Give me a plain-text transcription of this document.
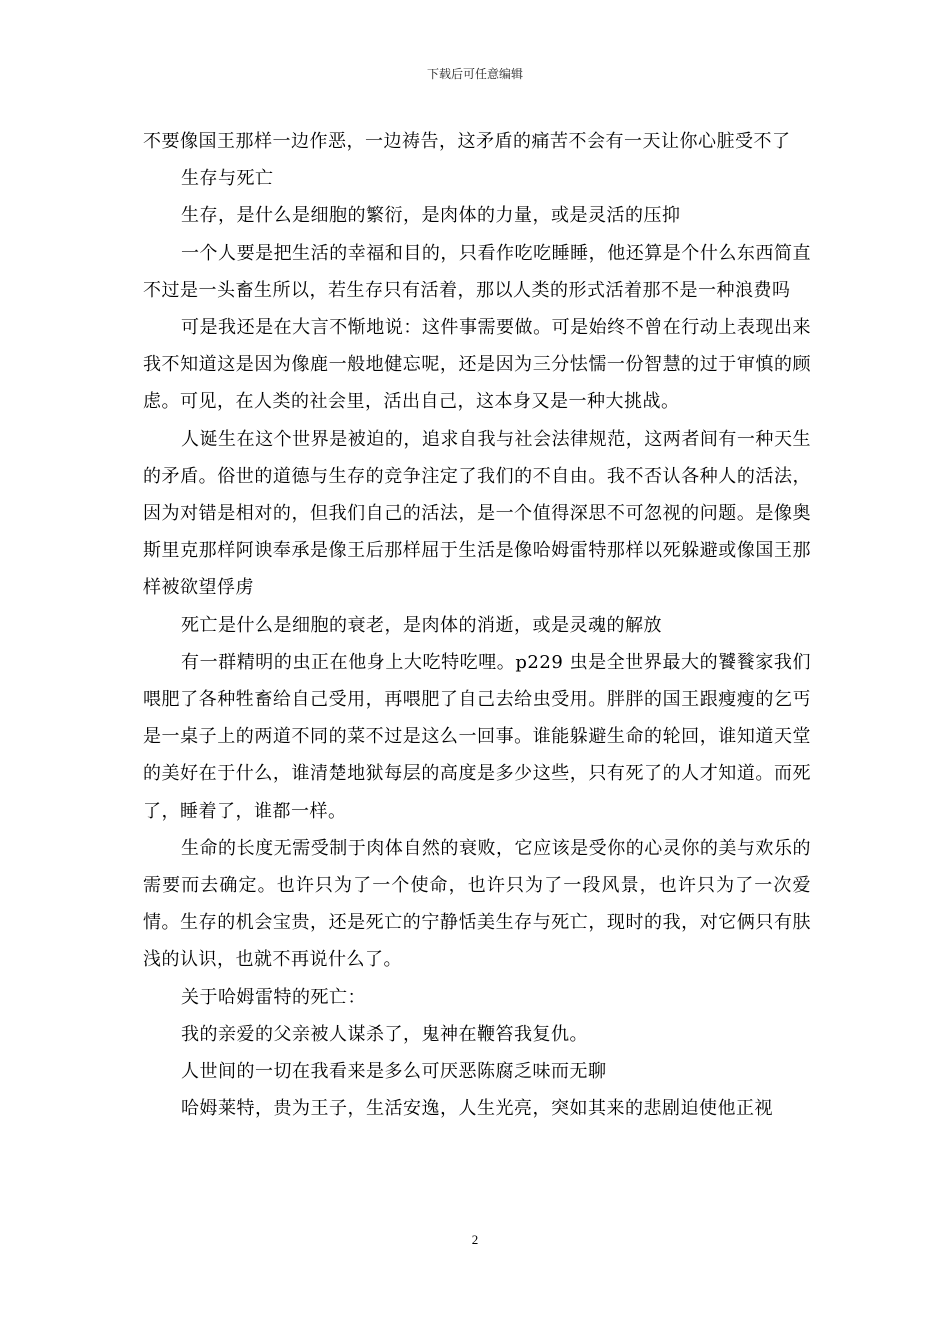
下载后可任意编辑

不要像国王那样一边作恶，一边祷告，这矛盾的痛苦不会有一天让你心脏受不了

生存与死亡

生存，是什么是细胞的繁衍，是肉体的力量，或是灵活的压抑

一个人要是把生活的幸福和目的，只看作吃吃睡睡，他还算是个什么东西简直不过是一头畜生所以，若生存只有活着，那以人类的形式活着那不是一种浪费吗

可是我还是在大言不惭地说：这件事需要做。可是始终不曾在行动上表现出来我不知道这是因为像鹿一般地健忘呢，还是因为三分怯懦一份智慧的过于审慎的顾虑。可见，在人类的社会里，活出自己，这本身又是一种大挑战。

人诞生在这个世界是被迫的，追求自我与社会法律规范，这两者间有一种天生的矛盾。俗世的道德与生存的竞争注定了我们的不自由。我不否认各种人的活法，因为对错是相对的，但我们自己的活法，是一个值得深思不可忽视的问题。是像奥斯里克那样阿谀奉承是像王后那样屈于生活是像哈姆雷特那样以死躲避或像国王那样被欲望俘虏

死亡是什么是细胞的衰老，是肉体的消逝，或是灵魂的解放

有一群精明的虫正在他身上大吃特吃哩。p229 虫是全世界最大的饕餮家我们喂肥了各种牲畜给自己受用，再喂肥了自己去给虫受用。胖胖的国王跟瘦瘦的乞丐是一桌子上的两道不同的菜不过是这么一回事。谁能躲避生命的轮回，谁知道天堂的美好在于什么，谁清楚地狱每层的高度是多少这些，只有死了的人才知道。而死了，睡着了，谁都一样。

生命的长度无需受制于肉体自然的衰败，它应该是受你的心灵你的美与欢乐的需要而去确定。也许只为了一个使命，也许只为了一段风景，也许只为了一次爱情。生存的机会宝贵，还是死亡的宁静恬美生存与死亡，现时的我，对它俩只有肤浅的认识，也就不再说什么了。

关于哈姆雷特的死亡：

我的亲爱的父亲被人谋杀了，鬼神在鞭笞我复仇。

人世间的一切在我看来是多么可厌恶陈腐乏味而无聊

哈姆莱特，贵为王子，生活安逸，人生光亮，突如其来的悲剧迫使他正视

2
